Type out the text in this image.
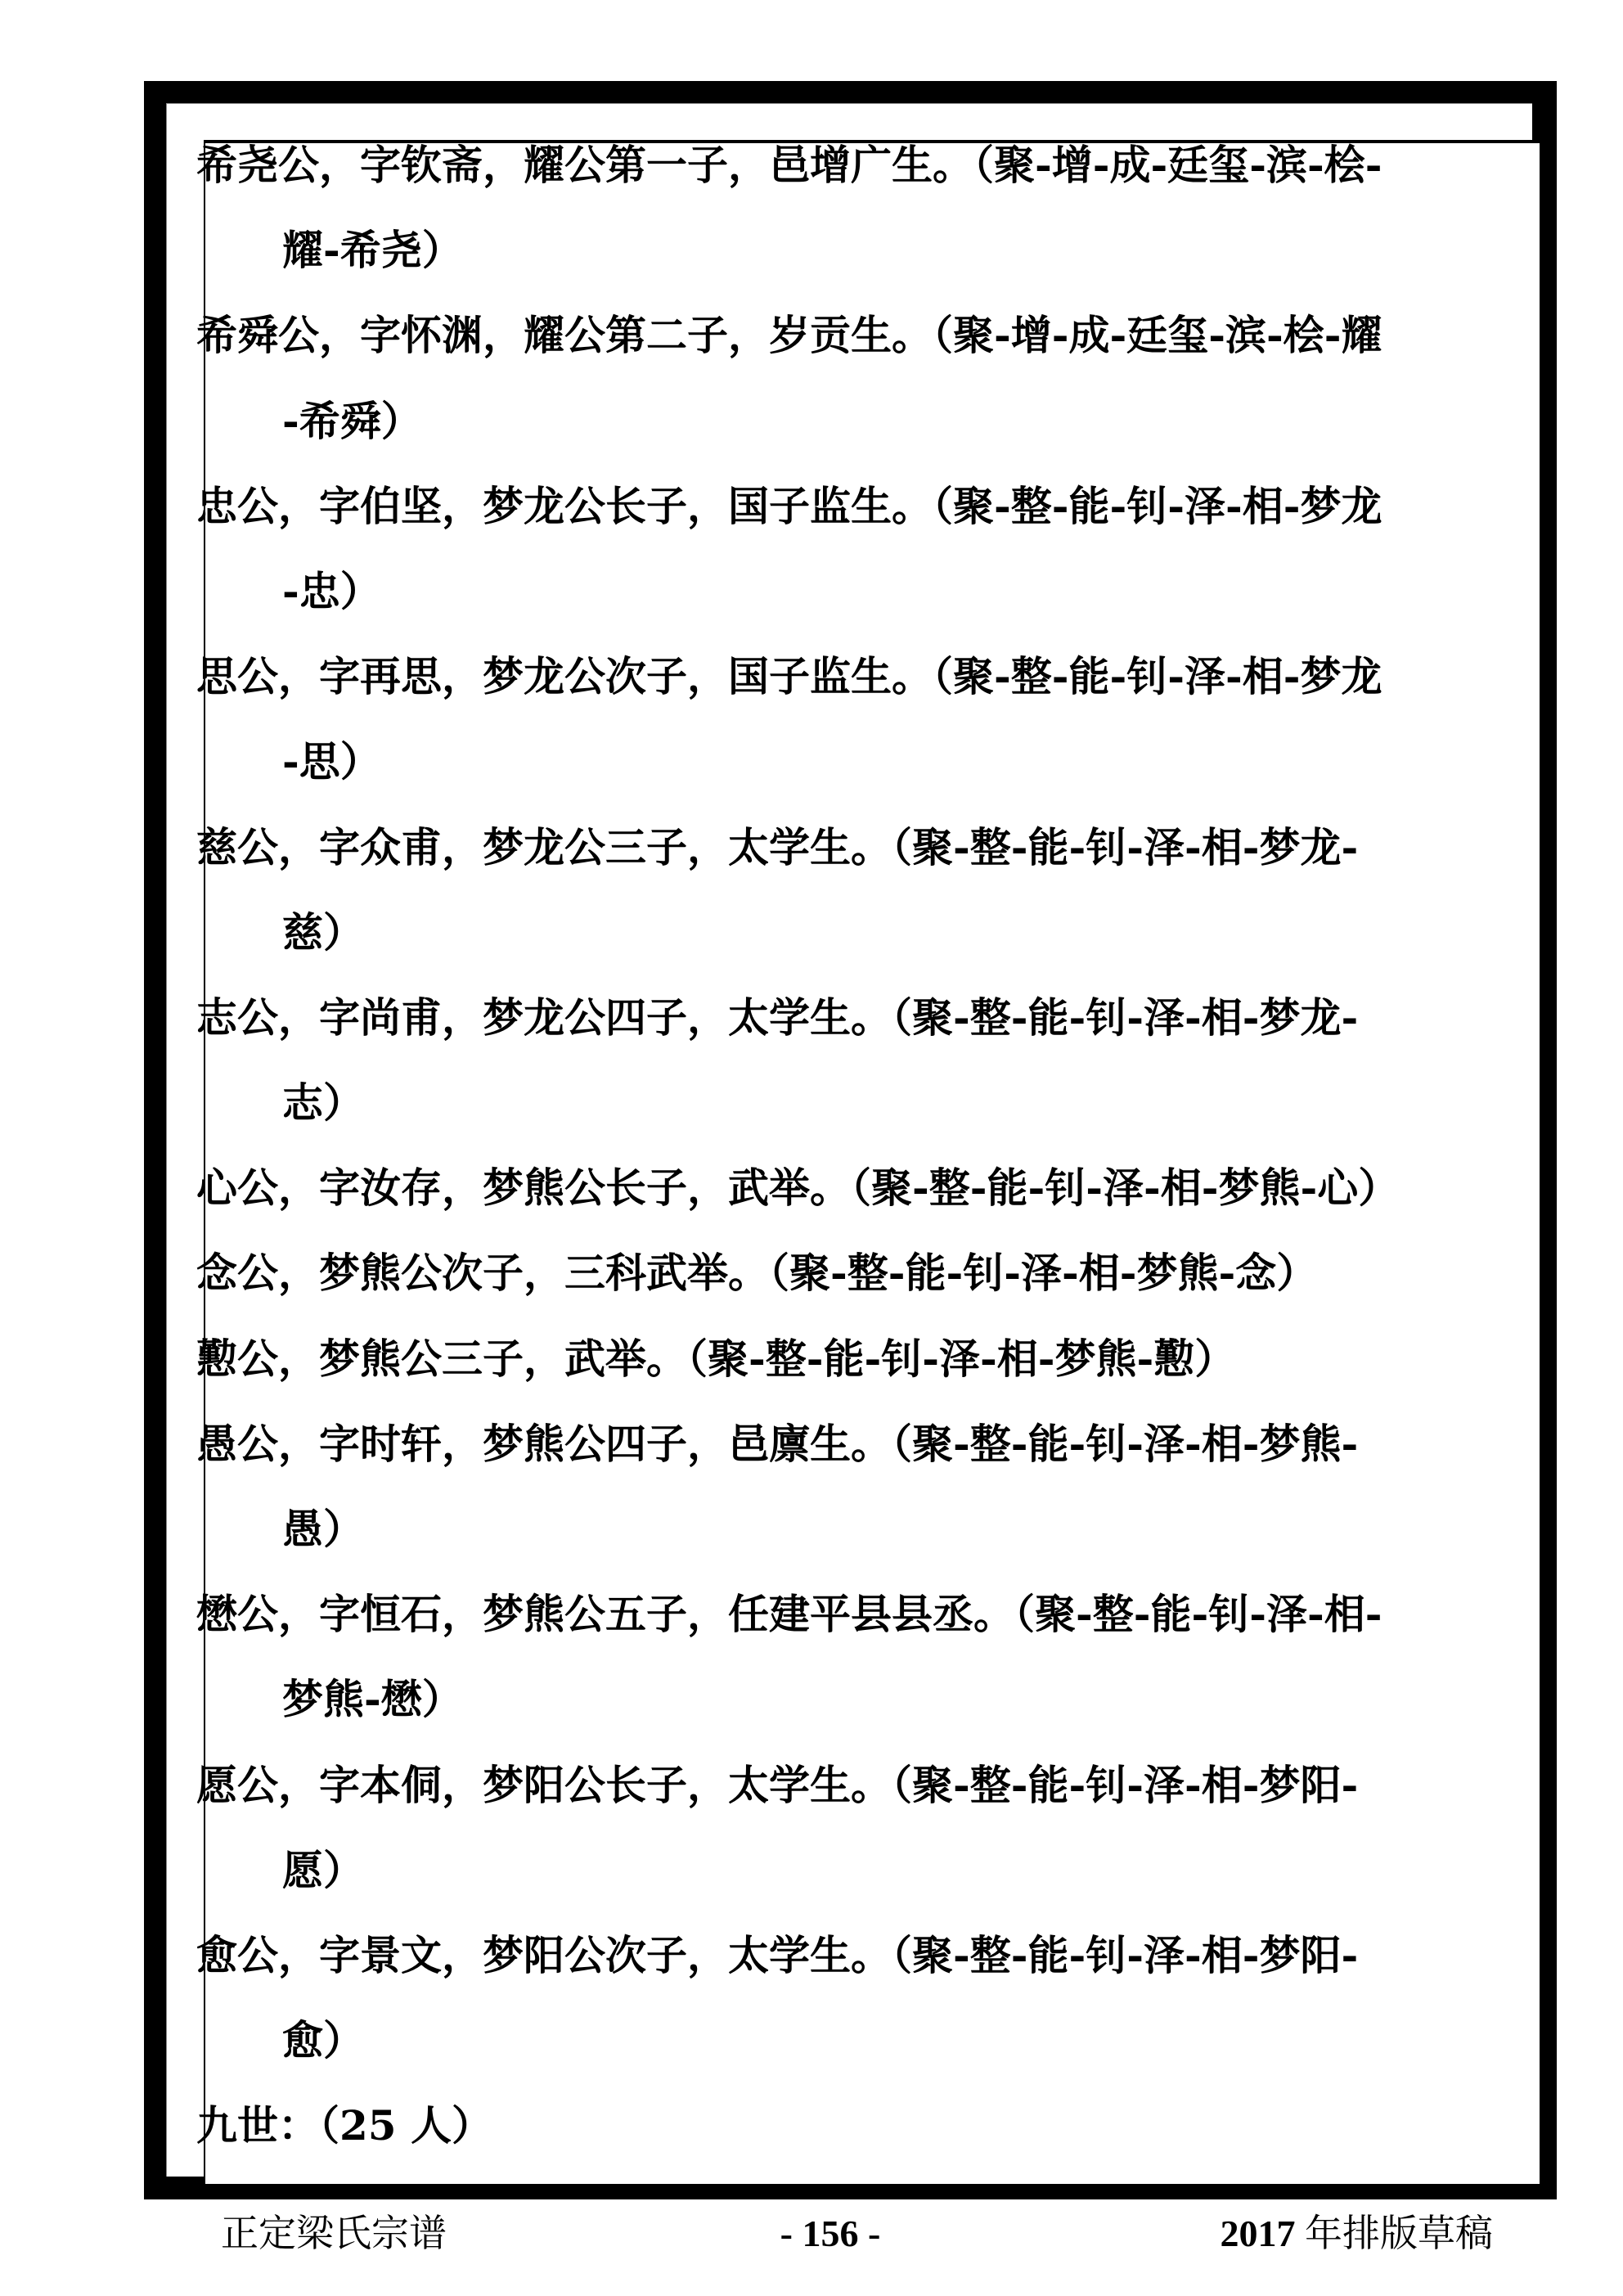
希尧公，字钦斋，耀公第一子，邑增广生。（聚-增-成-廷玺-滨-桧-
耀-希尧）
希舜公，字怀渊，耀公第二子，岁贡生。（聚-增-成-廷玺-滨-桧-耀
-希舜）
忠公，字伯坚，梦龙公长子，国子监生。（聚-整-能-钊-泽-相-梦龙
-忠）
思公，字再思，梦龙公次子，国子监生。（聚-整-能-钊-泽-相-梦龙
-思）
慈公，字众甫，梦龙公三子，太学生。（聚-整-能-钊-泽-相-梦龙-
慈）
志公，字尚甫，梦龙公四子，太学生。（聚-整-能-钊-泽-相-梦龙-
志）
心公，字汝存，梦熊公长子，武举。（聚-整-能-钊-泽-相-梦熊-心）
念公，梦熊公次子，三科武举。（聚-整-能-钊-泽-相-梦熊-念）
懃公，梦熊公三子，武举。（聚-整-能-钊-泽-相-梦熊-懃）
愚公，字时轩，梦熊公四子，邑廪生。（聚-整-能-钊-泽-相-梦熊-
愚）
懋公，字恒石，梦熊公五子，任建平县县丞。（聚-整-能-钊-泽-相-
梦熊-懋）
愿公，字本侗，梦阳公长子，太学生。（聚-整-能-钊-泽-相-梦阳-
愿）
愈公，字景文，梦阳公次子，太学生。（聚-整-能-钊-泽-相-梦阳-
愈）
九世：（25 人）
正定梁氏宗谱	- 156 -	2017 年排版草稿
